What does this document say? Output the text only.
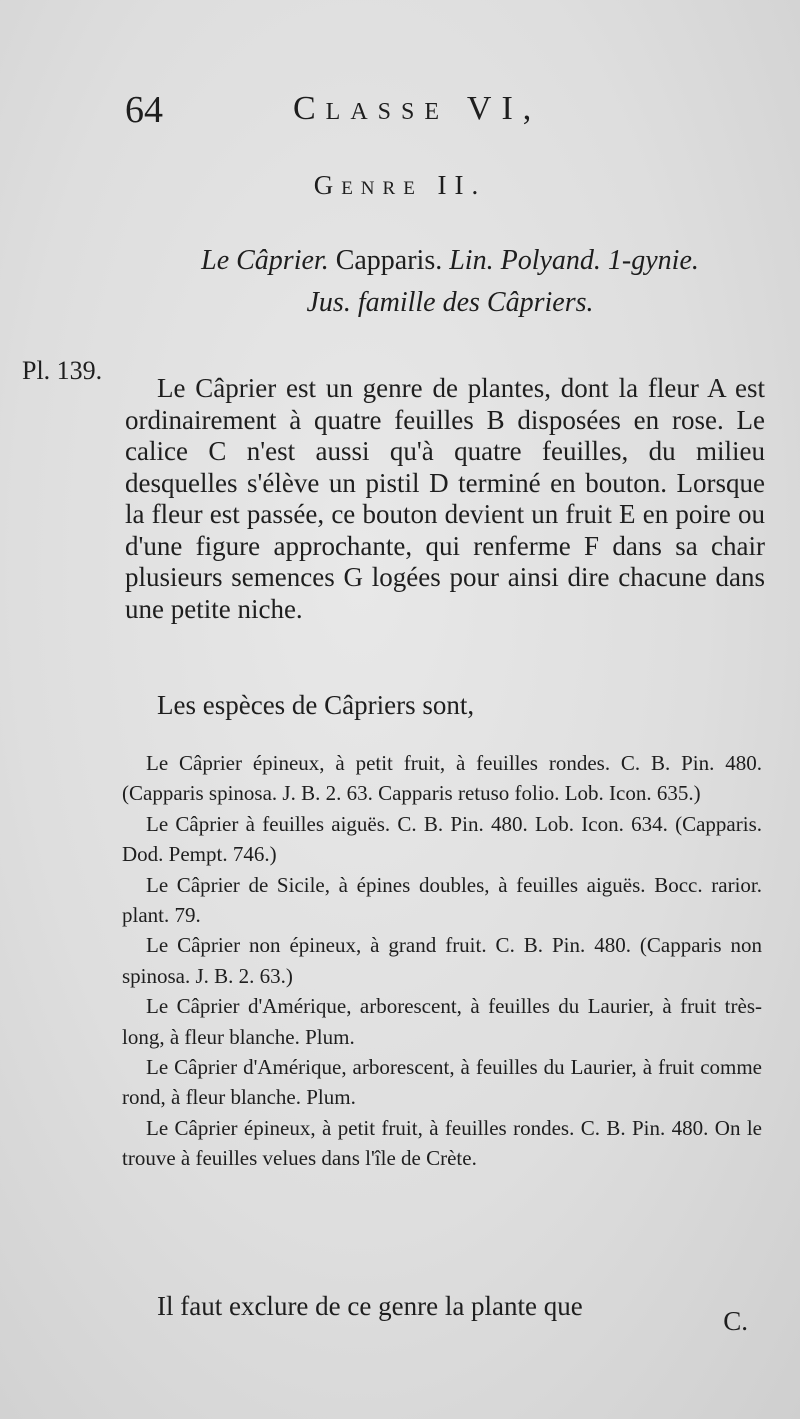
64	Classe VI,
Genre II.
Le Câprier. Capparis. Lin. Polyand. 1-gynie.
Jus. famille des Câpriers.
Pl. 139.

Le Câprier est un genre de plantes, dont la fleur A est ordinairement à quatre feuilles B disposées en rose. Le calice C n'est aussi qu'à quatre feuilles, du milieu desquelles s'élève un pistil D terminé en bouton. Lorsque la fleur est passée, ce bouton devient un fruit E en poire ou d'une figure approchante, qui renferme F dans sa chair plusieurs semences G logées pour ainsi dire chacune dans une petite niche.

Les espèces de Câpriers sont,

Le Câprier épineux, à petit fruit, à feuilles rondes. C. B. Pin. 480. (Capparis spinosa. J. B. 2. 63. Capparis retuso folio. Lob. Icon. 635.)

Le Câprier à feuilles aiguës. C. B. Pin. 480. Lob. Icon. 634. (Capparis. Dod. Pempt. 746.)

Le Câprier de Sicile, à épines doubles, à feuilles aiguës. Bocc. rarior. plant. 79.

Le Câprier non épineux, à grand fruit. C. B. Pin. 480. (Capparis non spinosa. J. B. 2. 63.)

Le Câprier d'Amérique, arborescent, à feuilles du Laurier, à fruit très-long, à fleur blanche. Plum.

Le Câprier d'Amérique, arborescent, à feuilles du Laurier, à fruit comme rond, à fleur blanche. Plum.

Le Câprier épineux, à petit fruit, à feuilles rondes. C. B. Pin. 480. On le trouve à feuilles velues dans l'île de Crète.

Il faut exclure de ce genre la plante que	C.
